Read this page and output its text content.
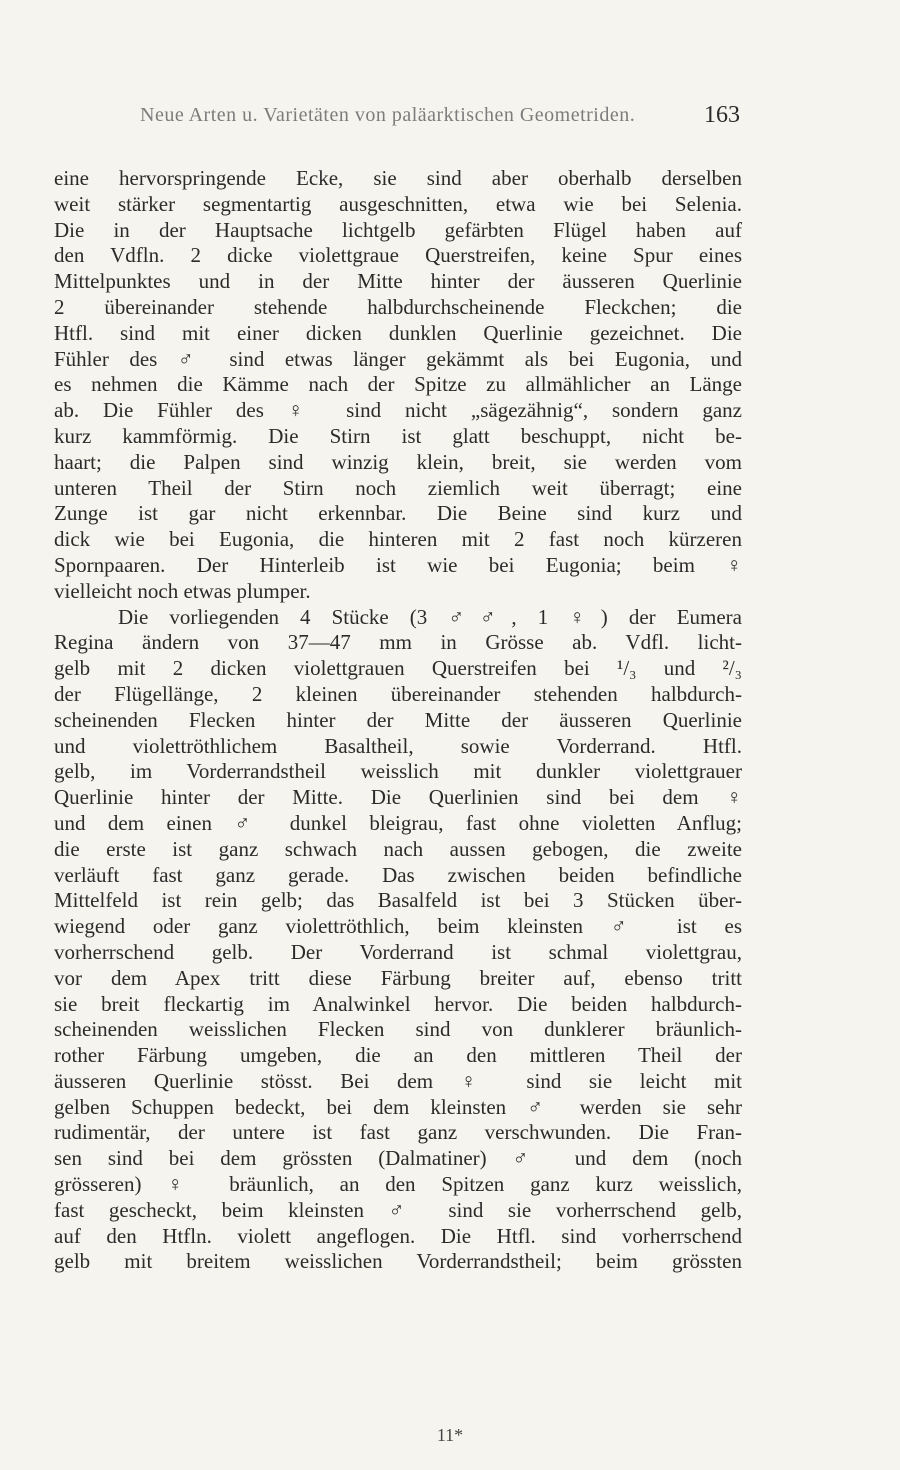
Neue Arten u. Varietäten von paläarktischen Geometriden.	163
eine hervorspringende Ecke, sie sind aber oberhalb derselben
weit stärker segmentartig ausgeschnitten, etwa wie bei Selenia.
Die in der Hauptsache lichtgelb gefärbten Flügel haben auf
den Vdfln. 2 dicke violettgraue Querstreifen, keine Spur eines
Mittelpunktes und in der Mitte hinter der äusseren Querlinie
2 übereinander stehende halbdurchscheinende Fleckchen; die
Htfl. sind mit einer dicken dunklen Querlinie gezeichnet. Die
Fühler des ♂ sind etwas länger gekämmt als bei Eugonia, und
es nehmen die Kämme nach der Spitze zu allmählicher an Länge
ab. Die Fühler des ♀ sind nicht „sägezähnig“, sondern ganz
kurz kammförmig. Die Stirn ist glatt beschuppt, nicht be-
haart; die Palpen sind winzig klein, breit, sie werden vom
unteren Theil der Stirn noch ziemlich weit überragt; eine
Zunge ist gar nicht erkennbar. Die Beine sind kurz und
dick wie bei Eugonia, die hinteren mit 2 fast noch kürzeren
Spornpaaren. Der Hinterleib ist wie bei Eugonia; beim ♀
vielleicht noch etwas plumper.
Die vorliegenden 4 Stücke (3 ♂♂, 1 ♀) der Eumera
Regina ändern von 37—47 mm in Grösse ab. Vdfl. licht-
gelb mit 2 dicken violettgrauen Querstreifen bei ¹/₃ und ²/₃
der Flügellänge, 2 kleinen übereinander stehenden halbdurch-
scheinenden Flecken hinter der Mitte der äusseren Querlinie
und violettröthlichem Basaltheil, sowie Vorderrand. Htfl.
gelb, im Vorderrandstheil weisslich mit dunkler violettgrauer
Querlinie hinter der Mitte. Die Querlinien sind bei dem ♀
und dem einen ♂ dunkel bleigrau, fast ohne violetten Anflug;
die erste ist ganz schwach nach aussen gebogen, die zweite
verläuft fast ganz gerade. Das zwischen beiden befindliche
Mittelfeld ist rein gelb; das Basalfeld ist bei 3 Stücken über-
wiegend oder ganz violettröthlich, beim kleinsten ♂ ist es
vorherrschend gelb. Der Vorderrand ist schmal violettgrau,
vor dem Apex tritt diese Färbung breiter auf, ebenso tritt
sie breit fleckartig im Analwinkel hervor. Die beiden halbdurch-
scheinenden weisslichen Flecken sind von dunklerer bräunlich-
rother Färbung umgeben, die an den mittleren Theil der
äusseren Querlinie stösst. Bei dem ♀ sind sie leicht mit
gelben Schuppen bedeckt, bei dem kleinsten ♂ werden sie sehr
rudimentär, der untere ist fast ganz verschwunden. Die Fran-
sen sind bei dem grössten (Dalmatiner) ♂ und dem (noch
grösseren) ♀ bräunlich, an den Spitzen ganz kurz weisslich,
fast gescheckt, beim kleinsten ♂ sind sie vorherrschend gelb,
auf den Htfln. violett angeflogen. Die Htfl. sind vorherrschend
gelb mit breitem weisslichen Vorderrandstheil; beim grössten
11*
